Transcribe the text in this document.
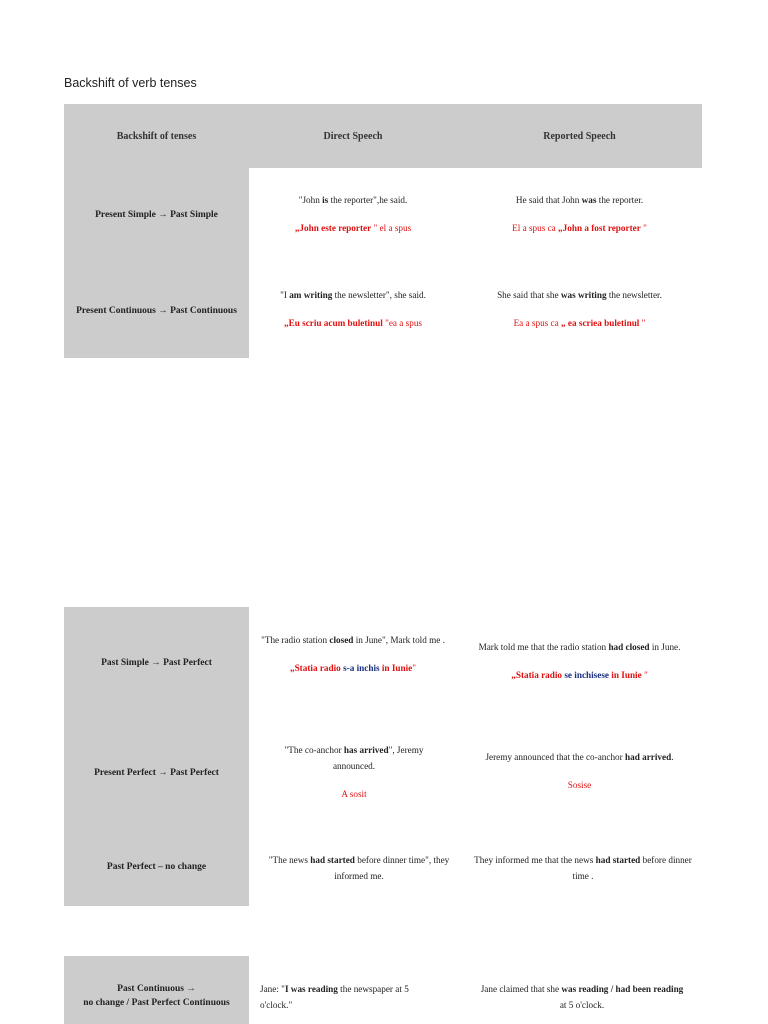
Backshift of verb tenses
Backshift of tenses	Direct Speech	Reported Speech
Present Simple → Past Simple
"John is the reporter",he said.
„John este reporter " el a spus
He said that John was the reporter.
El a spus ca „John a fost reporter "
Present Continuous → Past Continuous
"I am writing the newsletter", she said.
„Eu scriu acum buletinul "ea a spus
She said that she was writing the newsletter.
Ea a spus ca „ ea scriea buletinul "
Past Simple → Past Perfect
"The radio station closed in June", Mark told me .
„Statia radio s-a inchis in Iunie"
Mark told me that the radio station had closed in June.
„Statia radio se inchisese in Iunie "
Present Perfect → Past Perfect
"The co-anchor has arrived", Jeremy announced.
A sosit
Jeremy announced that the co-anchor had arrived.
Sosise
Past Perfect – no change
"The news had started before dinner time", they informed me.
They informed me that the news had started before dinner time .
Past Continuous →
no change / Past Perfect Continuous
Jane: "I was reading the newspaper at 5 o'clock."
Jane claimed that she was reading / had been reading at 5 o'clock.
